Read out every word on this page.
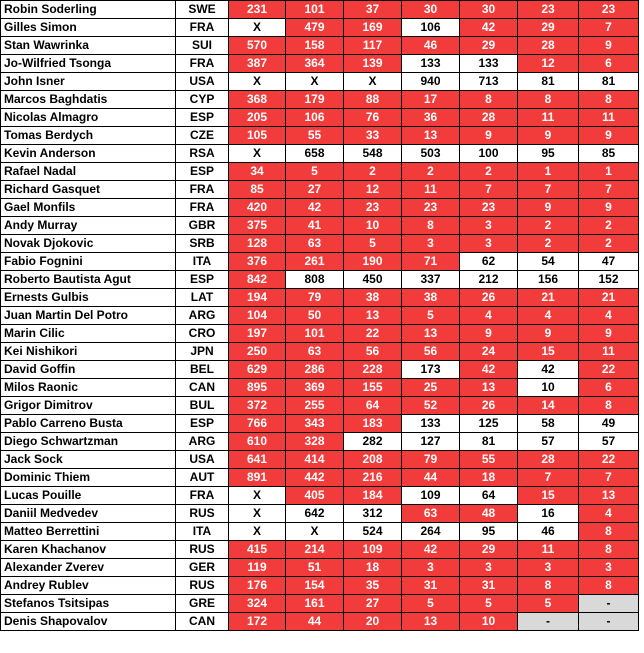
Robin Soderling	SWE	231	101	37	30	30	23	23
Gilles Simon	FRA	X	479	169	106	42	29	7
Stan Wawrinka	SUI	570	158	117	46	29	28	9
Jo-Wilfried Tsonga	FRA	387	364	139	133	133	12	6
John Isner	USA	X	X	X	940	713	81	81
Marcos Baghdatis	CYP	368	179	88	17	8	8	8
Nicolas Almagro	ESP	205	106	76	36	28	11	11
Tomas Berdych	CZE	105	55	33	13	9	9	9
Kevin Anderson	RSA	X	658	548	503	100	95	85
Rafael Nadal	ESP	34	5	2	2	2	1	1
Richard Gasquet	FRA	85	27	12	11	7	7	7
Gael Monfils	FRA	420	42	23	23	23	9	9
Andy Murray	GBR	375	41	10	8	3	2	2
Novak Djokovic	SRB	128	63	5	3	3	2	2
Fabio Fognini	ITA	376	261	190	71	62	54	47
Roberto Bautista Agut	ESP	842	808	450	337	212	156	152
Ernests Gulbis	LAT	194	79	38	38	26	21	21
Juan Martin Del Potro	ARG	104	50	13	5	4	4	4
Marin Cilic	CRO	197	101	22	13	9	9	9
Kei Nishikori	JPN	250	63	56	56	24	15	11
David Goffin	BEL	629	286	228	173	42	42	22
Milos Raonic	CAN	895	369	155	25	13	10	6
Grigor Dimitrov	BUL	372	255	64	52	26	14	8
Pablo Carreno Busta	ESP	766	343	183	133	125	58	49
Diego Schwartzman	ARG	610	328	282	127	81	57	57
Jack Sock	USA	641	414	208	79	55	28	22
Dominic Thiem	AUT	891	442	216	44	18	7	7
Lucas Pouille	FRA	X	405	184	109	64	15	13
Daniil Medvedev	RUS	X	642	312	63	48	16	4
Matteo Berrettini	ITA	X	X	524	264	95	46	8
Karen Khachanov	RUS	415	214	109	42	29	11	8
Alexander Zverev	GER	119	51	18	3	3	3	3
Andrey Rublev	RUS	176	154	35	31	31	8	8
Stefanos Tsitsipas	GRE	324	161	27	5	5	5	-
Denis Shapovalov	CAN	172	44	20	13	10	-	-
